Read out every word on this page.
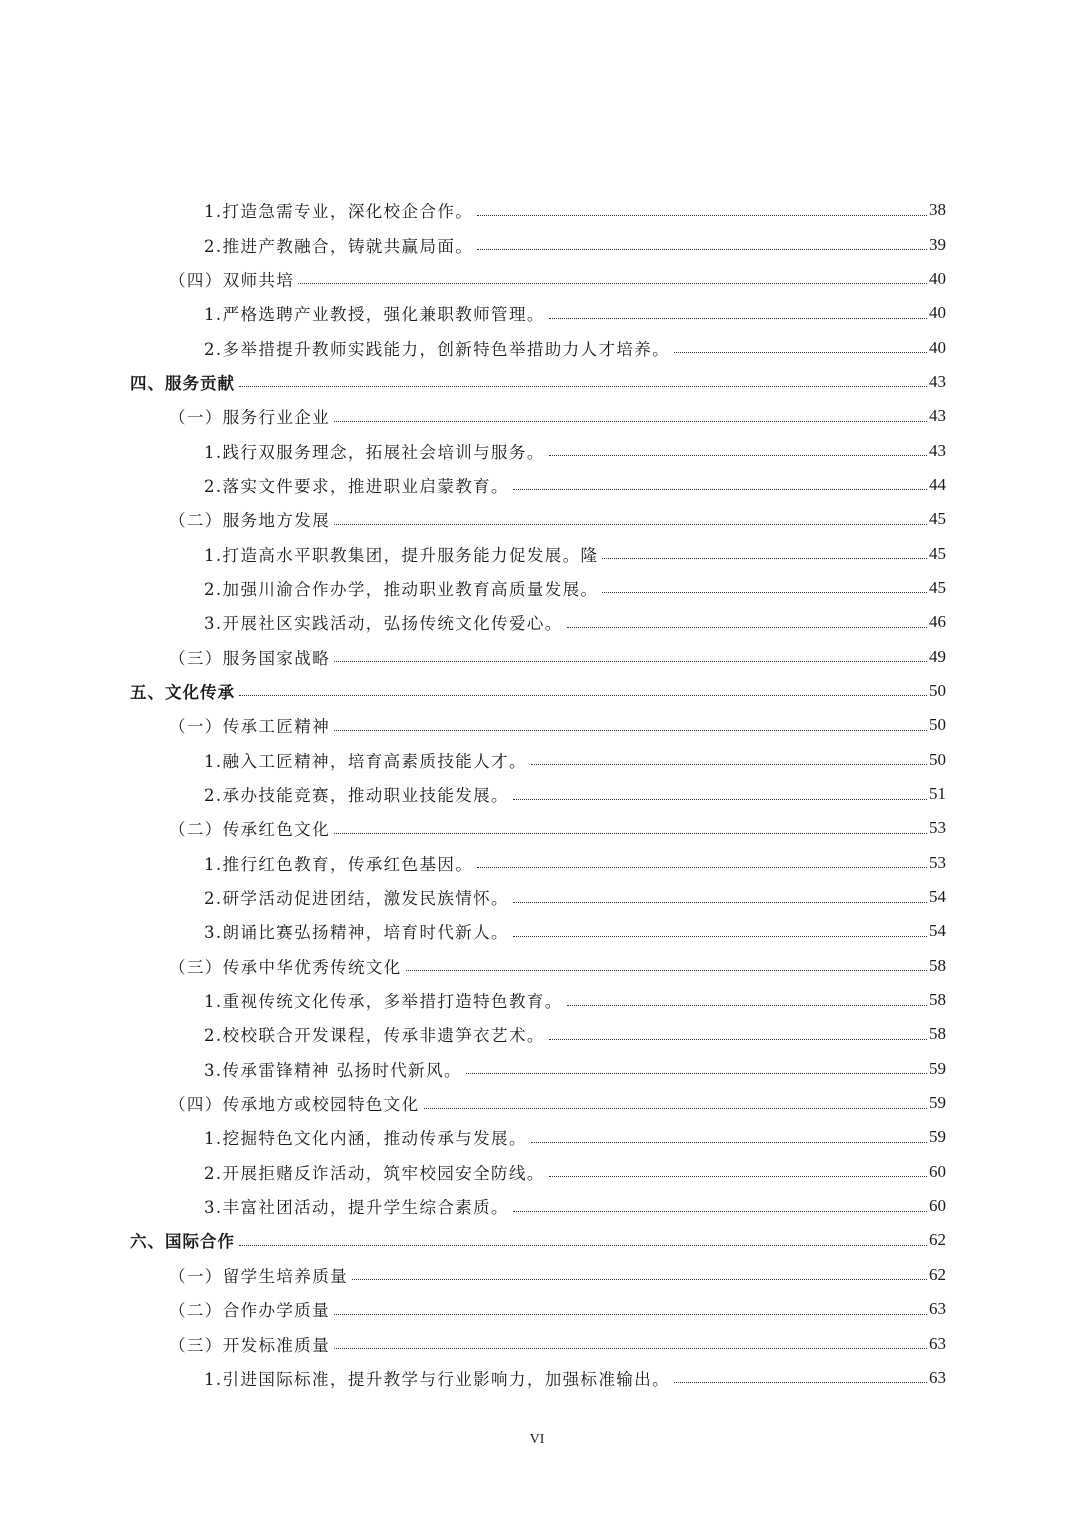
1.打造急需专业，深化校企合作。	38
2.推进产教融合，铸就共赢局面。	39
（四）双师共培	40
1.严格选聘产业教授，强化兼职教师管理。	40
2.多举措提升教师实践能力，创新特色举措助力人才培养。	40
四、服务贡献	43
（一）服务行业企业	43
1.践行双服务理念，拓展社会培训与服务。	43
2.落实文件要求，推进职业启蒙教育。	44
（二）服务地方发展	45
1.打造高水平职教集团，提升服务能力促发展。隆	45
2.加强川渝合作办学，推动职业教育高质量发展。	45
3.开展社区实践活动，弘扬传统文化传爱心。	46
（三）服务国家战略	49
五、文化传承	50
（一）传承工匠精神	50
1.融入工匠精神，培育高素质技能人才。	50
2.承办技能竞赛，推动职业技能发展。	51
（二）传承红色文化	53
1.推行红色教育，传承红色基因。	53
2.研学活动促进团结，激发民族情怀。	54
3.朗诵比赛弘扬精神，培育时代新人。	54
（三）传承中华优秀传统文化	58
1.重视传统文化传承，多举措打造特色教育。	58
2.校校联合开发课程，传承非遗笋衣艺术。	58
3.传承雷锋精神 弘扬时代新风。	59
（四）传承地方或校园特色文化	59
1.挖掘特色文化内涵，推动传承与发展。	59
2.开展拒赌反诈活动，筑牢校园安全防线。	60
3.丰富社团活动，提升学生综合素质。	60
六、国际合作	62
（一）留学生培养质量	62
（二）合作办学质量	63
（三）开发标准质量	63
1.引进国际标准，提升教学与行业影响力，加强标准输出。	63
VI
